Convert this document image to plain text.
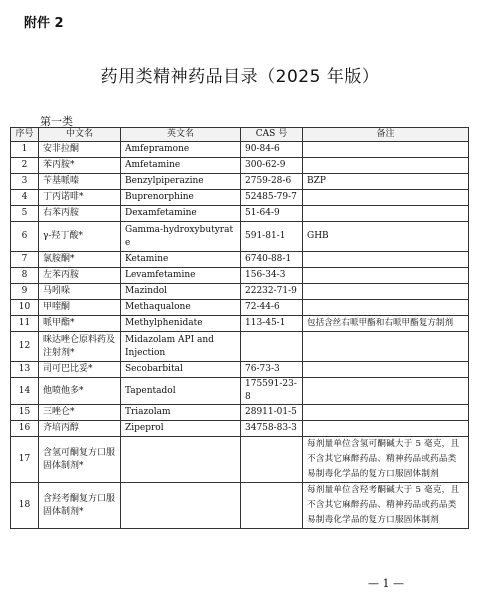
附件 2
药用类精神药品目录（2025 年版）
第一类
序号	中文名	英文名	CAS 号	备注
1	安非拉酮	Amfepramone	90-84-6	
2	苯丙胺*	Amfetamine	300-62-9	
3	苄基哌嗪	Benzylpiperazine	2759-28-6	BZP
4	丁丙诺啡*	Buprenorphine	52485-79-7	
5	右苯丙胺	Dexamfetamine	51-64-9	
6	γ-羟丁酸*	Gamma-hydroxybutyrate	591-81-1	GHB
7	氯胺酮*	Ketamine	6740-88-1	
8	左苯丙胺	Levamfetamine	156-34-3	
9	马吲哚	Mazindol	22232-71-9	
10	甲喹酮	Methaqualone	72-44-6	
11	哌甲酯*	Methylphenidate	113-45-1	包括含丝右哌甲酯和右哌甲酯复方制剂
12	咪达唑仑原料药及注射剂*	Midazolam API and Injection		
13	司可巴比妥*	Secobarbital	76-73-3	
14	他喷他多*	Tapentadol	175591-23-8	
15	三唑仑*	Triazolam	28911-01-5	
16	齐培丙醇	Zipeprol	34758-83-3	
17	含氢可酮复方口服固体制剂*			每剂量单位含氢可酮碱大于 5 毫克，且不含其它麻醉药品、精神药品或药品类易制毒化学品的复方口服固体制剂
18	含羟考酮复方口服固体制剂*			每剂量单位含羟考酮碱大于 5 毫克，且不含其它麻醉药品、精神药品或药品类易制毒化学品的复方口服固体制剂
— 1 —
